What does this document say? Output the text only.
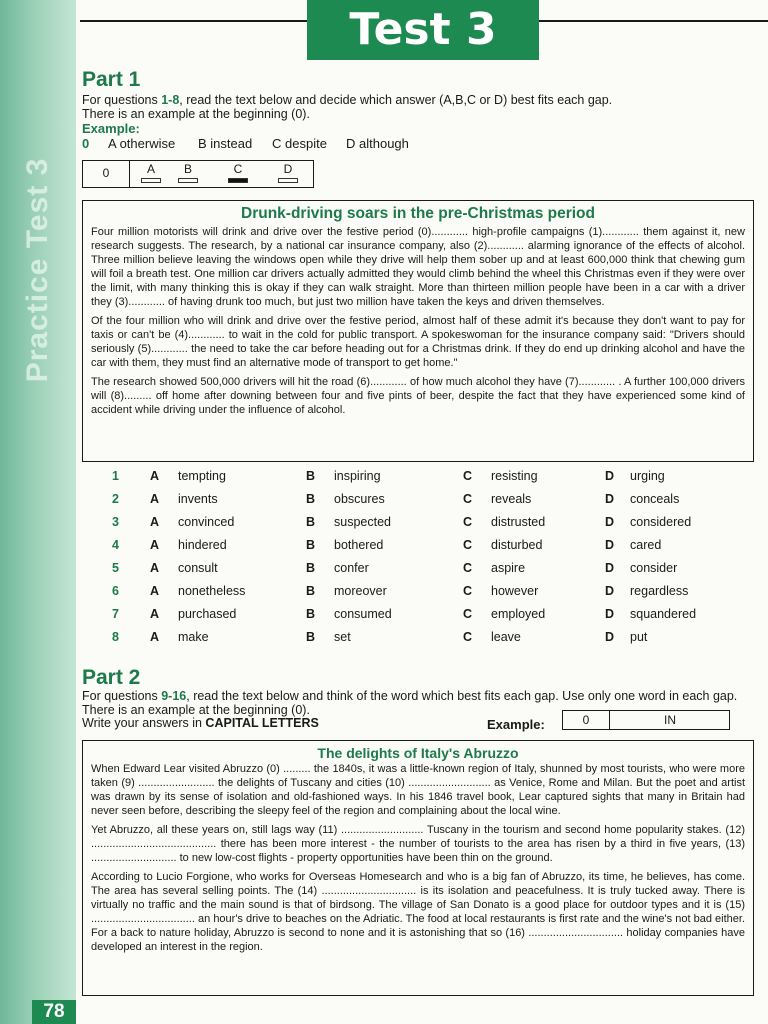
Practice Test 3
78
Test 3
Part 1
For questions 1-8, read the text below and decide which answer (A,B,C or D) best fits each gap.
There is an example at the beginning (0).
Example:
0 A otherwise B instead C despite D although
0	A	B	C	D
Drunk-driving soars in the pre-Christmas period

Four million motorists will drink and drive over the festive period (0)............ high-profile campaigns (1)............ them against it, new research suggests. The research, by a national car insurance company, also (2)............ alarming ignorance of the effects of alcohol. Three million believe leaving the windows open while they drive will help them sober up and at least 600,000 think that chewing gum will foil a breath test. One million car drivers actually admitted they would climb behind the wheel this Christmas even if they were over the limit, with many thinking this is okay if they can walk straight. More than thirteen million people have been in a car with a driver they (3)............ of having drunk too much, but just two million have taken the keys and driven themselves.

Of the four million who will drink and drive over the festive period, almost half of these admit it's because they don't want to pay for taxis or can't be (4)............ to wait in the cold for public transport. A spokeswoman for the insurance company said: "Drivers should seriously (5)............ the need to take the car before heading out for a Christmas drink. If they do end up drinking alcohol and have the car with them, they must find an alternative mode of transport to get home."

The research showed 500,000 drivers will hit the road (6)............ of how much alcohol they have (7)............ . A further 100,000 drivers will (8)......... off home after downing between four and five pints of beer, despite the fact that they have experienced some kind of accident while driving under the influence of alcohol.

1 A tempting	B inspiring	C resisting	D urging
2 A invents	B obscures	C reveals	D conceals
3 A convinced	B suspected	C distrusted	D considered
4 A hindered	B bothered	C disturbed	D cared
5 A consult	B confer	C aspire	D consider
6 A nonetheless	B moreover	C however	D regardless
7 A purchased	B consumed	C employed	D squandered
8 A make	B set	C leave	D put
Part 2
For questions 9-16, read the text below and think of the word which best fits each gap. Use only one word in each gap. There is an example at the beginning (0).
Write your answers in CAPITAL LETTERS	Example:	0	IN
The delights of Italy's Abruzzo

When Edward Lear visited Abruzzo (0) ......... the 1840s, it was a little-known region of Italy, shunned by most tourists, who were more taken (9) ......................... the delights of Tuscany and cities (10) ........................... as Venice, Rome and Milan. But the poet and artist was drawn by its sense of isolation and old-fashioned ways. In his 1846 travel book, Lear captured sights that many in Britain had never seen before, describing the sleepy feel of the region and complaining about the local wine.

Yet Abruzzo, all these years on, still lags way (11) ........................... Tuscany in the tourism and second home popularity stakes. (12) ......................................... there has been more interest - the number of tourists to the area has risen by a third in five years, (13) ............................ to new low-cost flights - property opportunities have been thin on the ground.

According to Lucio Forgione, who works for Overseas Homesearch and who is a big fan of Abruzzo, its time, he believes, has come. The area has several selling points. The (14) ............................... is its isolation and peacefulness. It is truly tucked away. There is virtually no traffic and the main sound is that of birdsong. The village of San Donato is a good place for outdoor types and it is (15) .................................. an hour's drive to beaches on the Adriatic. The food at local restaurants is first rate and the wine's not bad either. For a back to nature holiday, Abruzzo is second to none and it is astonishing that so (16) ............................... holiday companies have developed an interest in the region.
